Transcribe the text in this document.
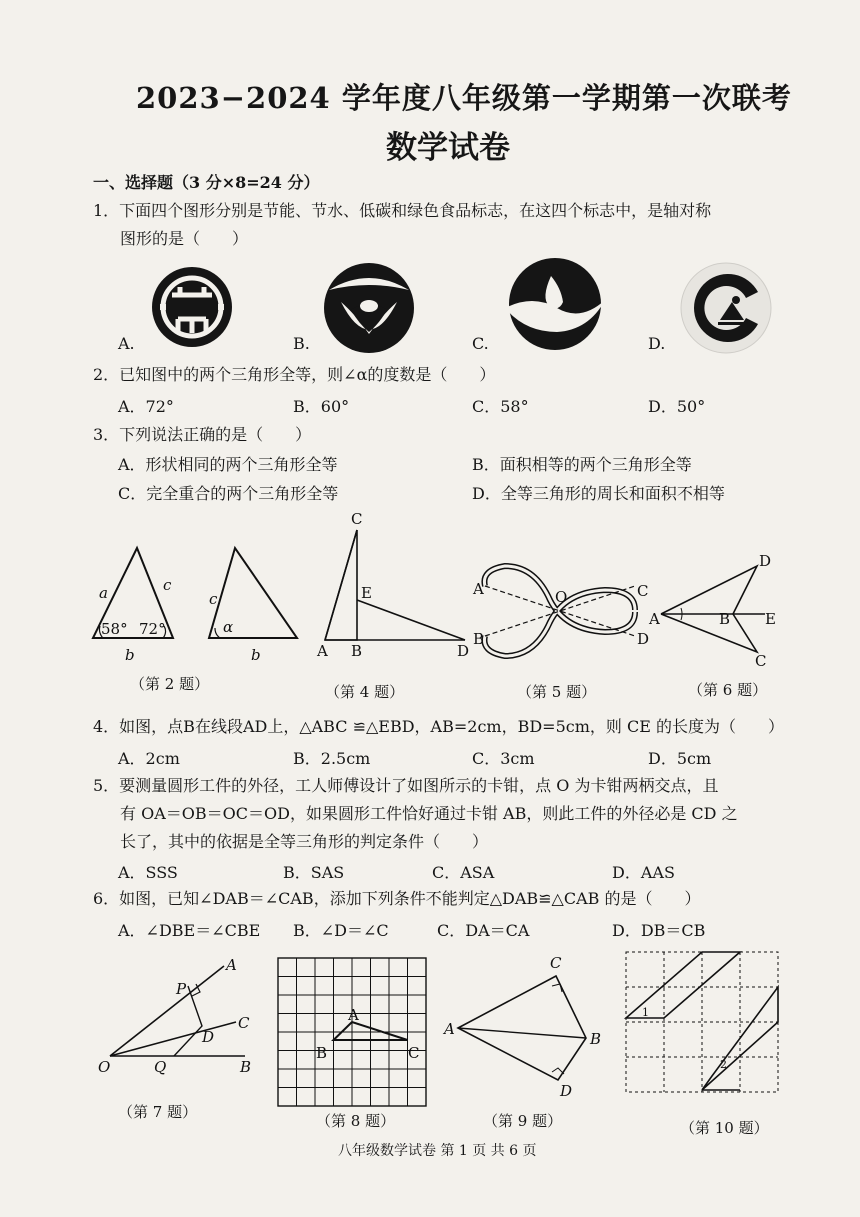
2023−2024 学年度八年级第一学期第一次联考
数学试卷
一、选择题（3 分×8=24 分）
1．下面四个图形分别是节能、节水、低碳和绿色食品标志，在这四个标志中，是轴对称
图形的是（　　）
A.	B.	C.	D.
2．已知图中的两个三角形全等，则∠α的度数是（　　）
A．72°	B．60°	C．58°	D．50°
3．下列说法正确的是（　　）
A．形状相同的两个三角形全等	B．面积相等的两个三角形全等
C．完全重合的两个三角形全等	D．全等三角形的周长和面积不相等
a	c
b
58° 72°
c
α
b
C
E
A B	D
A	O	C
B	D
D
A	B E
C
（第 2 题）	（第 4 题）	（第 5 题）	（第 6 题）
4．如图，点B在线段AD上，△ABC ≌△EBD，AB=2cm，BD=5cm，则 CE 的长度为（　　）
A．2cm	B．2.5cm	C．3cm	D．5cm
5．要测量圆形工件的外径，工人师傅设计了如图所示的卡钳，点 O 为卡钳两柄交点，且
有 OA＝OB＝OC＝OD，如果圆形工件恰好通过卡钳 AB，则此工件的外径必是 CD 之
长了，其中的依据是全等三角形的判定条件（　　）
A．SSS	B．SAS	C．ASA	D．AAS
6．如图，已知∠DAB＝∠CAB，添加下列条件不能判定△DAB≌△CAB 的是（　　）
A．∠DBE＝∠CBE B．∠D＝∠C	C．DA＝CA	D．DB＝CB
A
P
C
D
O	Q	B
A
B	C
C
A
B
D
1
2
（第 7 题）	（第 8 题）	（第 9 题）	（第 10 题）
八年级数学试卷 第 1 页 共 6 页
